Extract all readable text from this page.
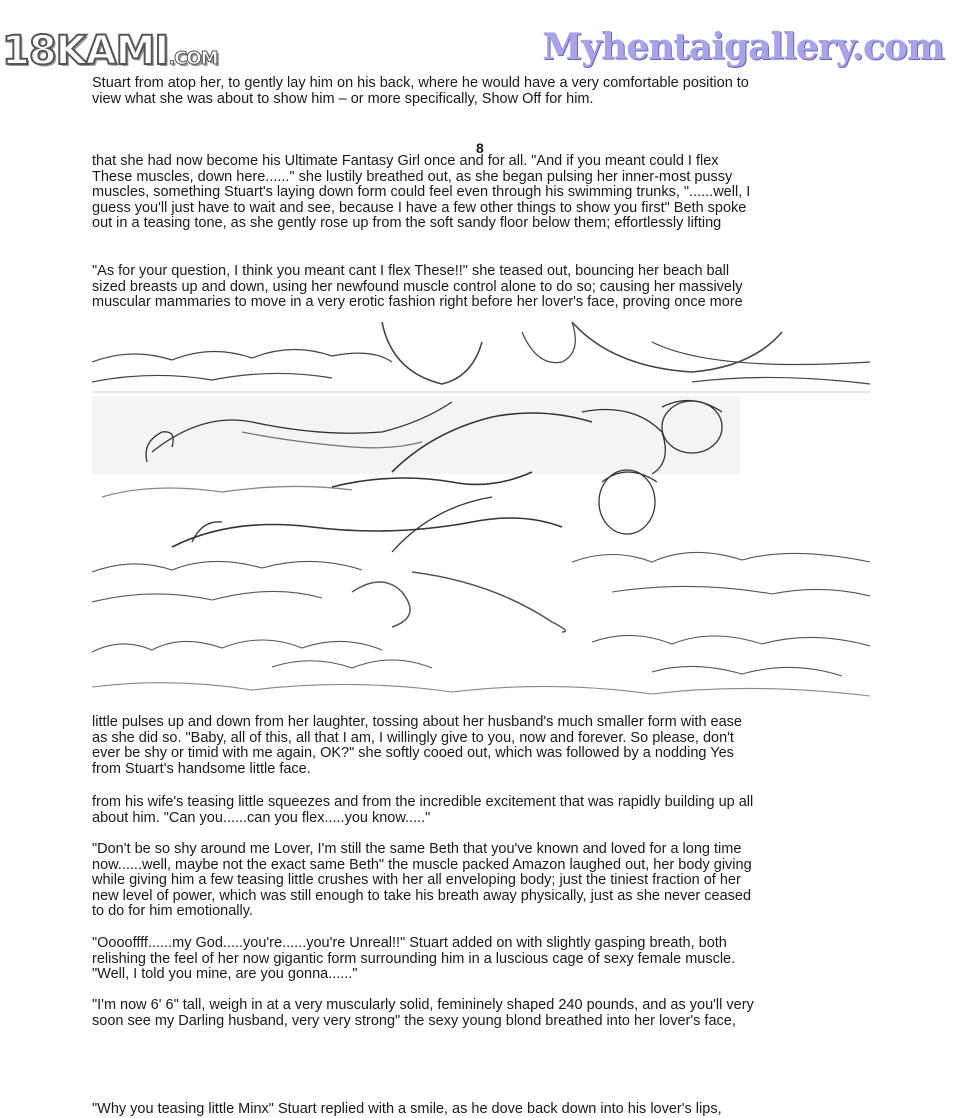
18KAMI.COM	Myhentaigallery.com

Stuart from atop her, to gently lay him on his back, where he would have a very comfortable position to
view what she was about to show him – or more specifically, Show Off for him.

8

that she had now become his Ultimate Fantasy Girl once and for all. "And if you meant could I flex
These muscles, down here......" she lustily breathed out, as she began pulsing her inner-most pussy
muscles, something Stuart's laying down form could feel even through his swimming trunks, "......well, I
guess you'll just have to wait and see, because I have a few other things to show you first" Beth spoke
out in a teasing tone, as she gently rose up from the soft sandy floor below them; effortlessly lifting

"As for your question, I think you meant cant I flex These!!" she teased out, bouncing her beach ball
sized breasts up and down, using her newfound muscle control alone to do so; causing her massively
muscular mammaries to move in a very erotic fashion right before her lover's face, proving once more

little pulses up and down from her laughter, tossing about her husband's much smaller form with ease
as she did so. "Baby, all of this, all that I am, I willingly give to you, now and forever. So please, don't
ever be shy or timid with me again, OK?" she softly cooed out, which was followed by a nodding Yes
from Stuart's handsome little face.

from his wife's teasing little squeezes and from the incredible excitement that was rapidly building up all
about him. "Can you......can you flex.....you know....."

"Don't be so shy around me Lover, I'm still the same Beth that you've known and loved for a long time
now......well, maybe not the exact same Beth" the muscle packed Amazon laughed out, her body giving
while giving him a few teasing little crushes with her all enveloping body; just the tiniest fraction of her
new level of power, which was still enough to take his breath away physically, just as she never ceased
to do for him emotionally.

"Ooooffff......my God.....you're......you're Unreal!!" Stuart added on with slightly gasping breath, both
relishing the feel of her now gigantic form surrounding him in a luscious cage of sexy female muscle.
"Well, I told you mine, are you gonna......"

"I'm now 6' 6" tall, weigh in at a very muscularly solid, femininely shaped 240 pounds, and as you'll very
soon see my Darling husband, very very strong" the sexy young blond breathed into her lover's face,

"Why you teasing little Minx" Stuart replied with a smile, as he dove back down into his lover's lips,
